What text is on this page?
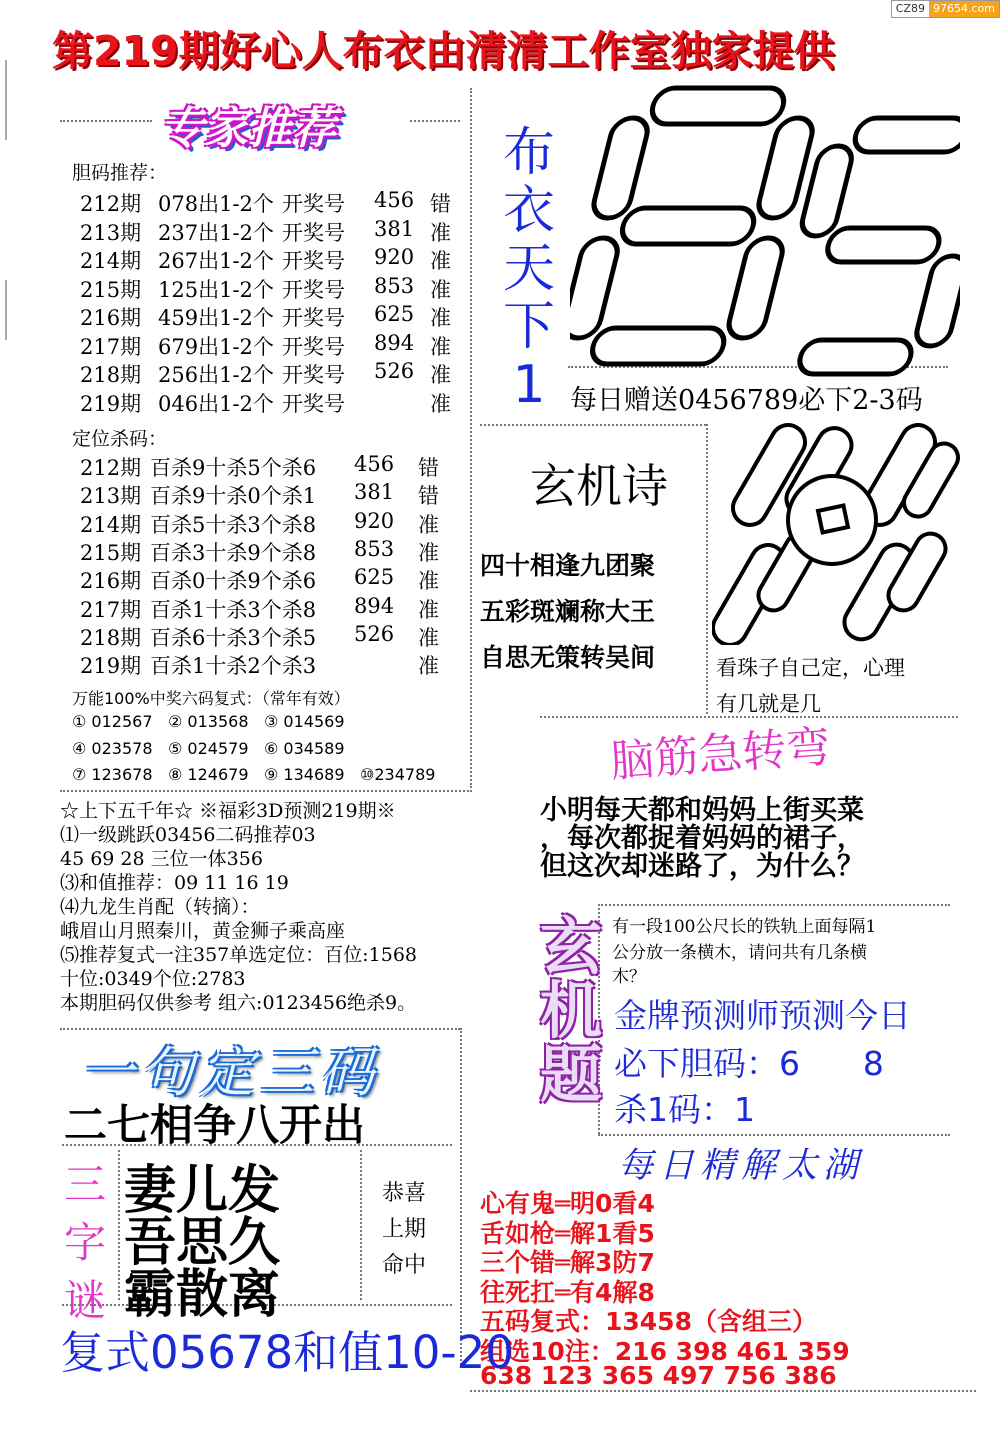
CZ89 97654.com
第219期好心人布衣由清清工作室独家提供
专家推荐
胆码推荐：
212期 078出1-2个 开奖号	456 错
213期 237出1-2个 开奖号	381 准
214期 267出1-2个 开奖号	920 准
215期 125出1-2个 开奖号	853 准
216期 459出1-2个 开奖号	625 准
217期 679出1-2个 开奖号	894 准
218期 256出1-2个 开奖号	526 准
219期 046出1-2个 开奖号	准
定位杀码：
212期 百杀9十杀5个杀6	456	错
213期 百杀9十杀0个杀1	381	错
214期 百杀5十杀3个杀8	920	准
215期 百杀3十杀9个杀8	853	准
216期 百杀0十杀9个杀6	625	准
217期 百杀1十杀3个杀8	894	准
218期 百杀6十杀3个杀5	526	准
219期 百杀1十杀2个杀3	准
万能100%中奖六码复式：（常年有效）
① 012567 ② 013568 ③ 014569
④ 023578 ⑤ 024579 ⑥ 034589
⑦ 123678 ⑧ 124679 ⑨ 134689 ⑩234789
☆上下五千年☆ ※福彩3D预测219期※
⑴一级跳跃03456二码推荐03
45 69 28 三位一体356
⑶和值推荐：09 11 16 19
⑷九龙生肖配（转摘）：
峨眉山月照秦川，黄金狮子乘高座
⑸推荐复式一注357单选定位：百位:1568
十位:0349个位:2783
本期胆码仅供参考 组六:0123456绝杀9。
布
衣
天
下
1 每日赠送0456789必下2-3码
玄机诗
四十相逢九团聚
五彩斑斓称大王
自思无策转吴间	看珠子自己定，心理
有几就是几
脑筋急转弯
小明每天都和妈妈上街买菜
，每次都捉着妈妈的裙子，
但这次却迷路了，为什么？
玄
机
题
有一段100公尺长的铁轨上面每隔1
公分放一条横木，请问共有几条横
木？
金牌预测师预测今日
必下胆码：6      8
杀1码：1
每日精解太湖
心有鬼═明0看4
舌如枪═解1看5
三个错═解3防7
往死扛═有4解8
五码复式：13458（含组三）
组选10注：216 398 461 359
638 123 365 497 756 386
一句定三码
二七相争八开出
三
字
谜
妻儿发
吾思久
霸散离
恭喜
上期
命中
复式05678和值10-20
